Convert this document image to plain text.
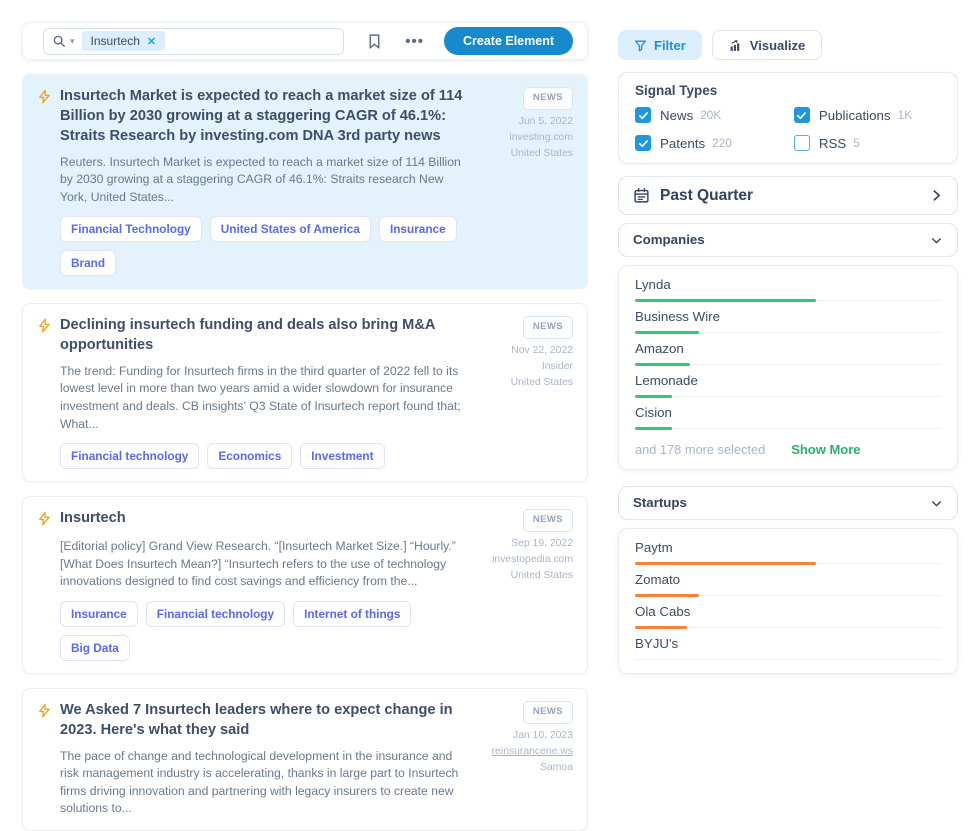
▾ Insurtech ✕	•••	Create Element
Insurtech Market is expected to reach a market size of 114 Billion by 2030 growing at a staggering CAGR of 46.1%: Straits Research by investing.com DNA 3rd party news

Reuters. Insurtech Market is expected to reach a market size of 114 Billion by 2030 growing at a staggering CAGR of 46.1%: Straits research New York, United States...

Financial Technology	United States of America	Insurance
Brand
NEWS
Jun 5, 2022
investing.com
United States
Declining insurtech funding and deals also bring M&A opportunities

The trend: Funding for Insurtech firms in the third quarter of 2022 fell to its lowest level in more than two years amid a wider slowdown for insurance investment and deals. CB insights' Q3 State of Insurtech report found that; What...

Financial technology	Economics	Investment
NEWS
Nov 22, 2022
Insider
United States
Insurtech

[Editorial policy] Grand View Research. “[Insurtech Market Size.] “Hourly.” [What Does Insurtech Mean?] “Insurtech refers to the use of technology innovations designed to find cost savings and efficiency from the...

Insurance	Financial technology	Internet of things
Big Data
NEWS
Sep 19, 2022
investopedia.com
United States
We Asked 7 Insurtech leaders where to expect change in 2023. Here's what they said

The pace of change and technological development in the insurance and risk management industry is accelerating, thanks in large part to Insurtech firms driving innovation and partnering with legacy insurers to create new solutions to...

NEWS
Jan 10, 2023
reinsurancene.ws
Samoa
Filter	Visualize
Signal Types
News 20K	Publications 1K
Patents 220	RSS 5
Past Quarter
Companies
Lynda
Business Wire
Amazon
Lemonade
Cision
and 178 more selected Show More
Startups
Paytm
Zomato
Ola Cabs
BYJU's
